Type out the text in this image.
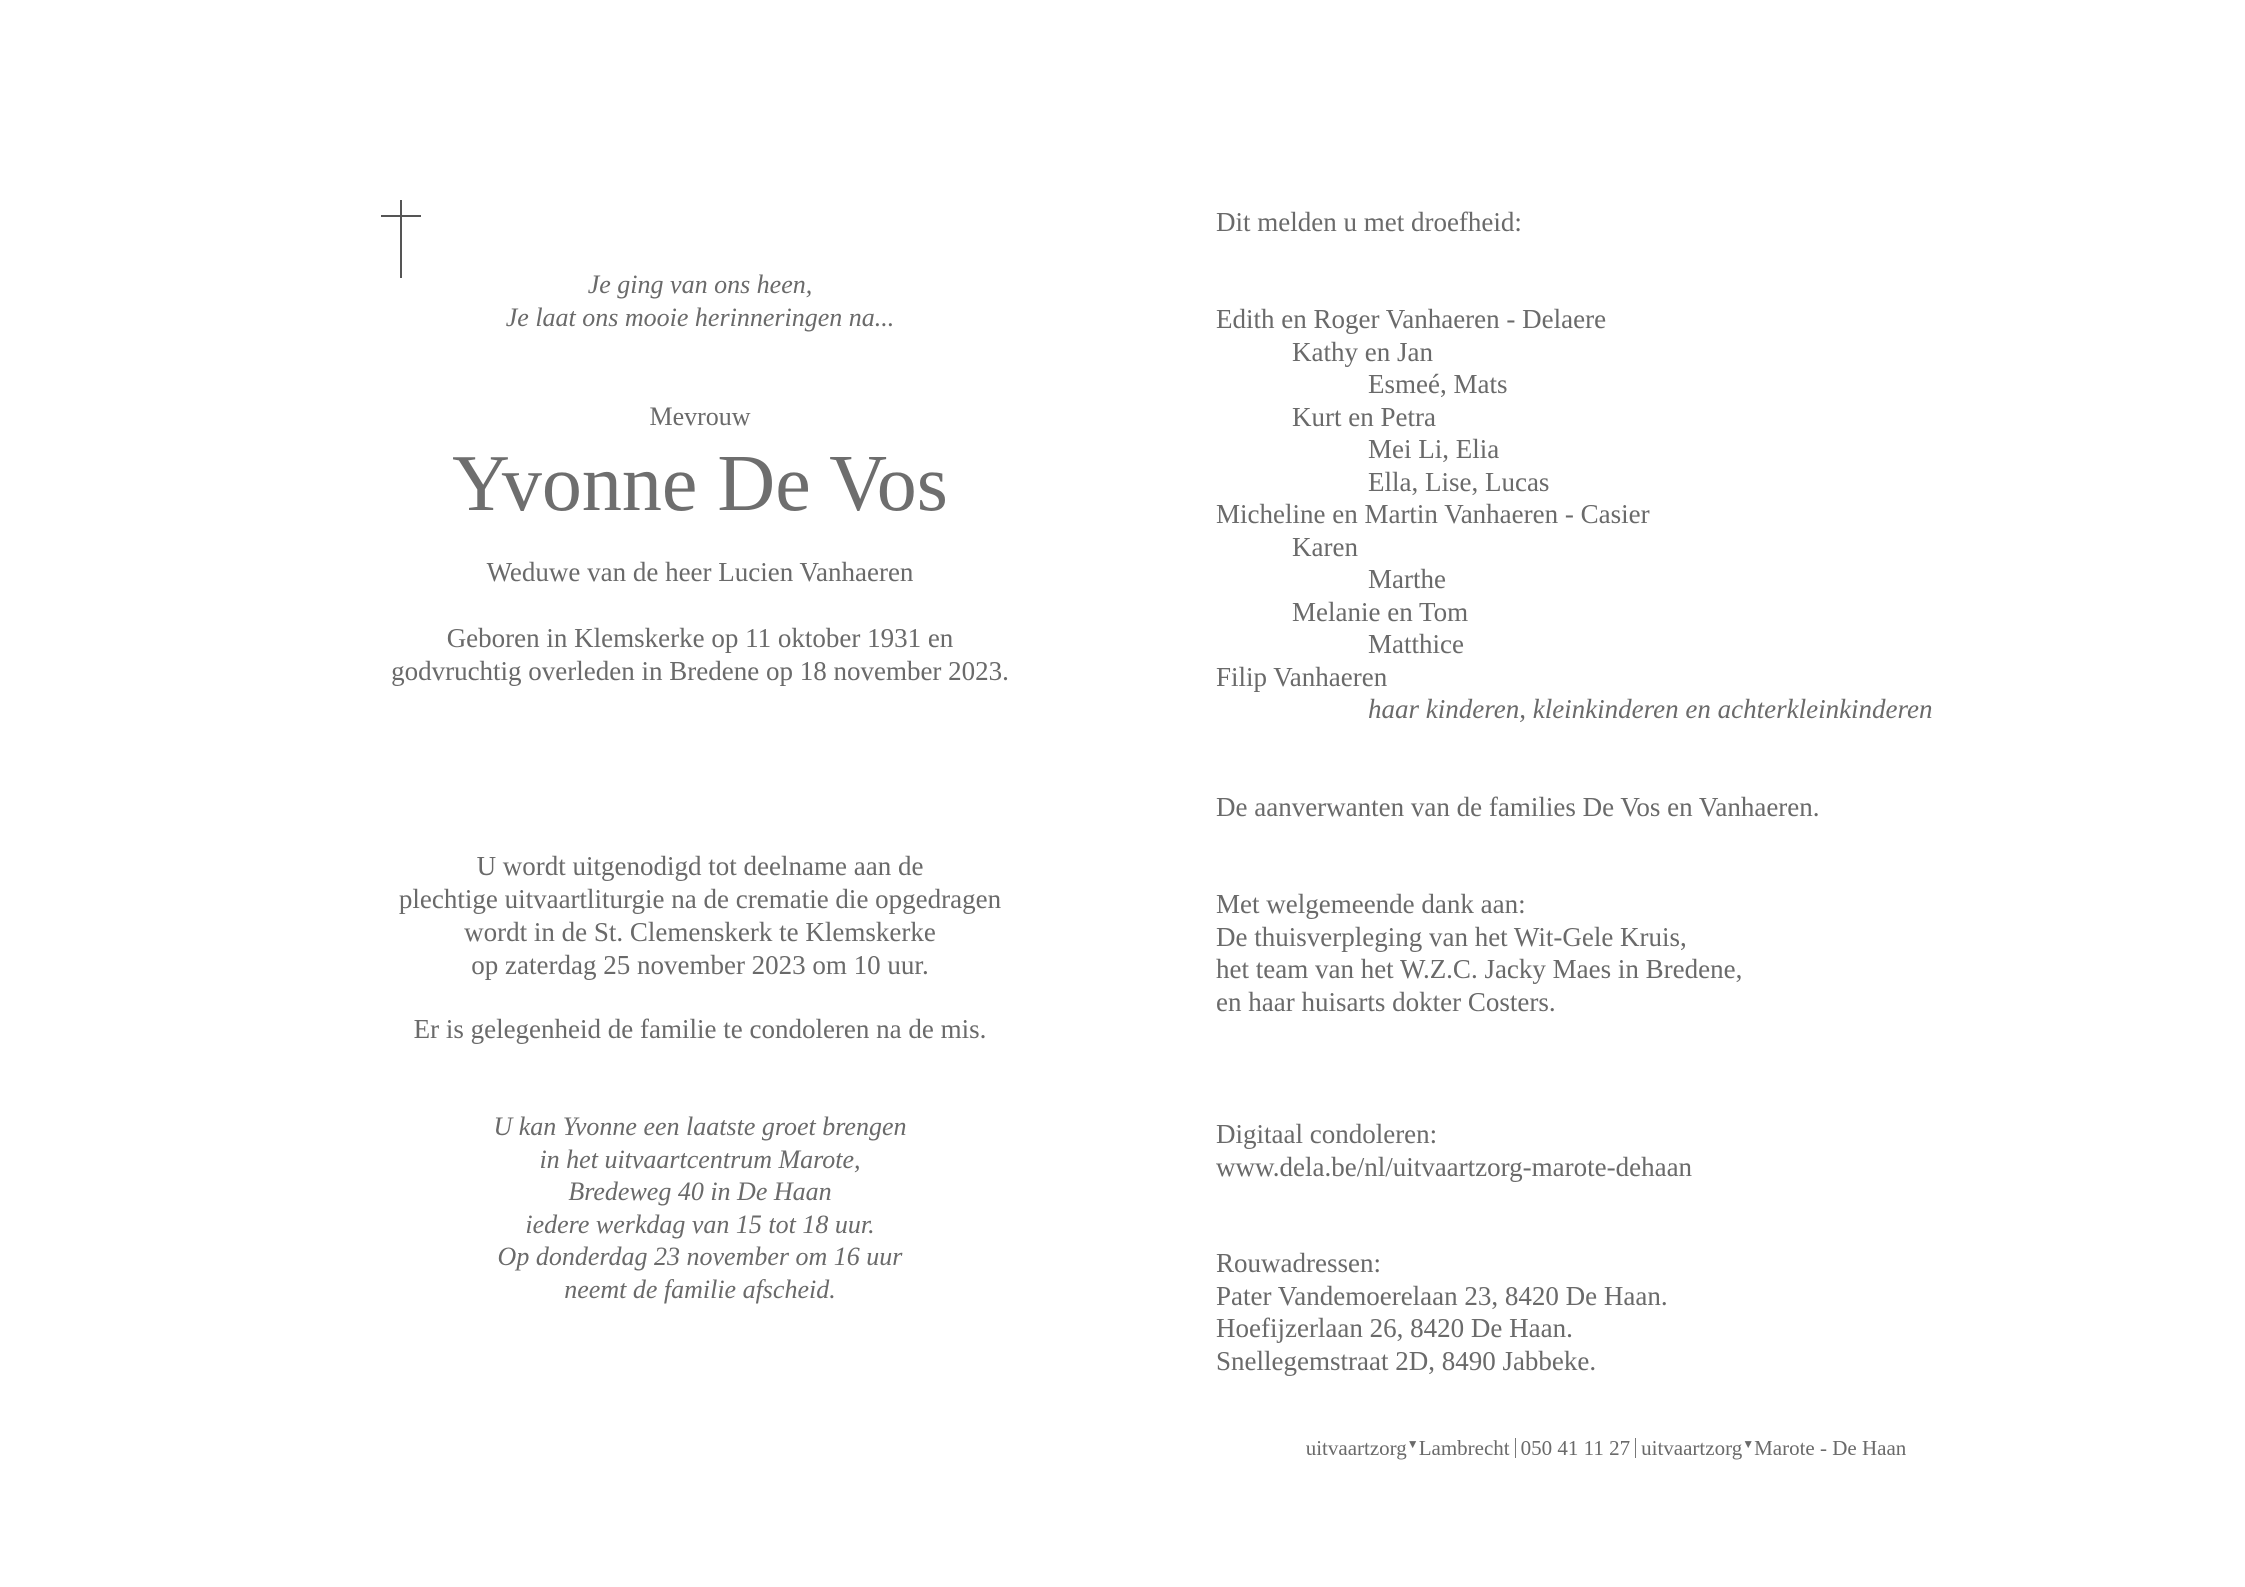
Je ging van ons heen,
Je laat ons mooie herinneringen na...
Mevrouw
Yvonne De Vos
Weduwe van de heer Lucien Vanhaeren
Geboren in Klemskerke op 11 oktober 1931 en
godvruchtig overleden in Bredene op 18 november 2023.
U wordt uitgenodigd tot deelname aan de
plechtige uitvaartliturgie na de crematie die opgedragen
wordt in de St. Clemenskerk te Klemskerke
op zaterdag 25 november 2023 om 10 uur.
Er is gelegenheid de familie te condoleren na de mis.
U kan Yvonne een laatste groet brengen
in het uitvaartcentrum Marote,
Bredeweg 40 in De Haan
iedere werkdag van 15 tot 18 uur.
Op donderdag 23 november om 16 uur
neemt de familie afscheid.
Dit melden u met droefheid:
Edith en Roger Vanhaeren - Delaere
Kathy en Jan
Esmeé, Mats
Kurt en Petra
Mei Li, Elia
Ella, Lise, Lucas
Micheline en Martin Vanhaeren - Casier
Karen
Marthe
Melanie en Tom
Matthice
Filip Vanhaeren
haar kinderen, kleinkinderen en achterkleinkinderen
De aanverwanten van de families De Vos en Vanhaeren.
Met welgemeende dank aan:
De thuisverpleging van het Wit-Gele Kruis,
het team van het W.Z.C. Jacky Maes in Bredene,
en haar huisarts dokter Costers.
Digitaal condoleren:
www.dela.be/nl/uitvaartzorg-marote-dehaan
Rouwadressen:
Pater Vandemoerelaan 23, 8420 De Haan.
Hoefijzerlaan 26, 8420 De Haan.
Snellegemstraat 2D, 8490 Jabbeke.
uitvaartzorg▼Lambrecht 050 41 11 27 uitvaartzorg▼Marote - De Haan
